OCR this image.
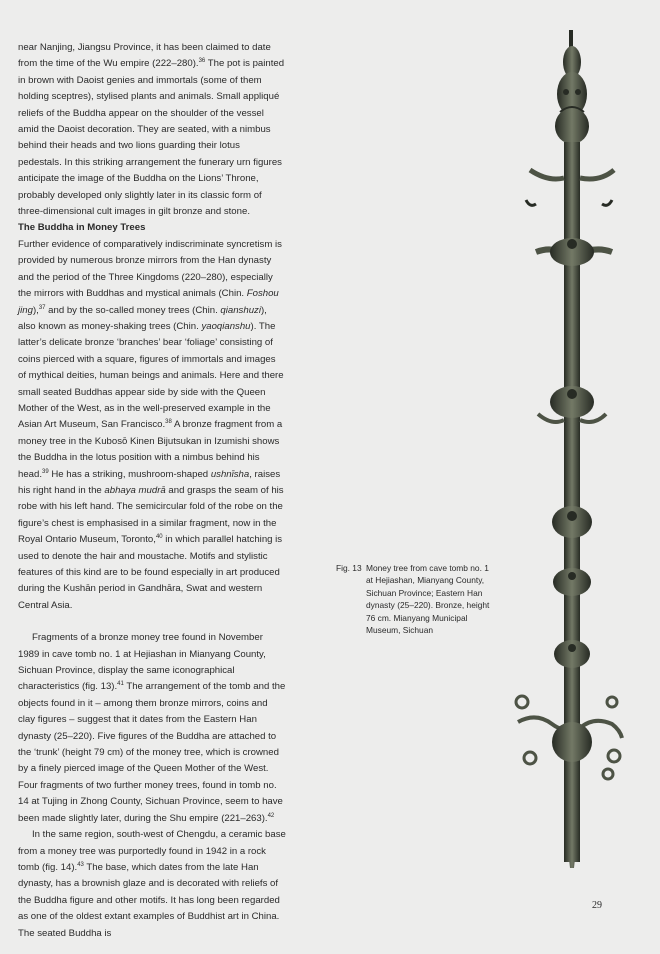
near Nanjing, Jiangsu Province, it has been claimed to date from the time of the Wu empire (222–280).$^{36}$ The pot is painted in brown with Daoist genies and immortals (some of them holding sceptres), stylised plants and animals. Small appliqué reliefs of the Buddha appear on the shoulder of the vessel amid the Daoist decoration. They are seated, with a nimbus behind their heads and two lions guarding their lotus pedestals. In this striking arrangement the funerary urn figures anticipate the image of the Buddha on the Lions’ Throne, probably developed only slightly later in its classic form of three-dimensional cult images in gilt bronze and stone.

The Buddha in Money Trees

Further evidence of comparatively indiscriminate syncretism is provided by numerous bronze mirrors from the Han dynasty and the period of the Three Kingdoms (220–280), especially the mirrors with Buddhas and mystical animals (Chin. Foshou jing),$^{37}$ and by the so-called money trees (Chin. qianshuzi), also known as money-shaking trees (Chin. yaoqianshu). The latter’s delicate bronze ‘branches’ bear ‘foliage’ consisting of coins pierced with a square, figures of immortals and images of mythical deities, human beings and animals. Here and there small seated Buddhas appear side by side with the Queen Mother of the West, as in the well-preserved example in the Asian Art Museum, San Francisco.$^{38}$ A bronze fragment from a money tree in the Kubosō Kinen Bijutsukan in Izumishi shows the Buddha in the lotus position with a nimbus behind his head.$^{39}$ He has a striking, mushroom-shaped ushnīsha, raises his right hand in the abhaya mudrā and grasps the seam of his robe with his left hand. The semicircular fold of the robe on the figure’s chest is emphasised in a similar fragment, now in the Royal Ontario Museum, Toronto,$^{40}$ in which parallel hatching is used to denote the hair and moustache. Motifs and stylistic features of this kind are to be found especially in art produced during the Kushān period in Gandhāra, Swat and western Central Asia.

Fragments of a bronze money tree found in November 1989 in cave tomb no. 1 at Hejiashan in Mianyang County, Sichuan Province, display the same iconographical characteristics (fig. 13).$^{41}$ The arrangement of the tomb and the objects found in it – among them bronze mirrors, coins and clay figures – suggest that it dates from the Eastern Han dynasty (25–220). Five figures of the Buddha are attached to the ‘trunk’ (height 79 cm) of the money tree, which is crowned by a finely pierced image of the Queen Mother of the West. Four fragments of two further money trees, found in tomb no. 14 at Tujing in Zhong County, Sichuan Province, seem to have been made slightly later, during the Shu empire (221–263).$^{42}$

In the same region, south-west of Chengdu, a ceramic base from a money tree was purportedly found in 1942 in a rock tomb (fig. 14).$^{43}$ The base, which dates from the late Han dynasty, has a brownish glaze and is decorated with reliefs of the Buddha figure and other motifs. It has long been regarded as one of the oldest extant examples of Buddhist art in China. The seated Buddha is

Fig. 13 Money tree from cave tomb no. 1 at Hejiashan, Mianyang County, Sichuan Province; Eastern Han dynasty (25–220). Bronze, height 76 cm. Mianyang Municipal Museum, Sichuan
29
